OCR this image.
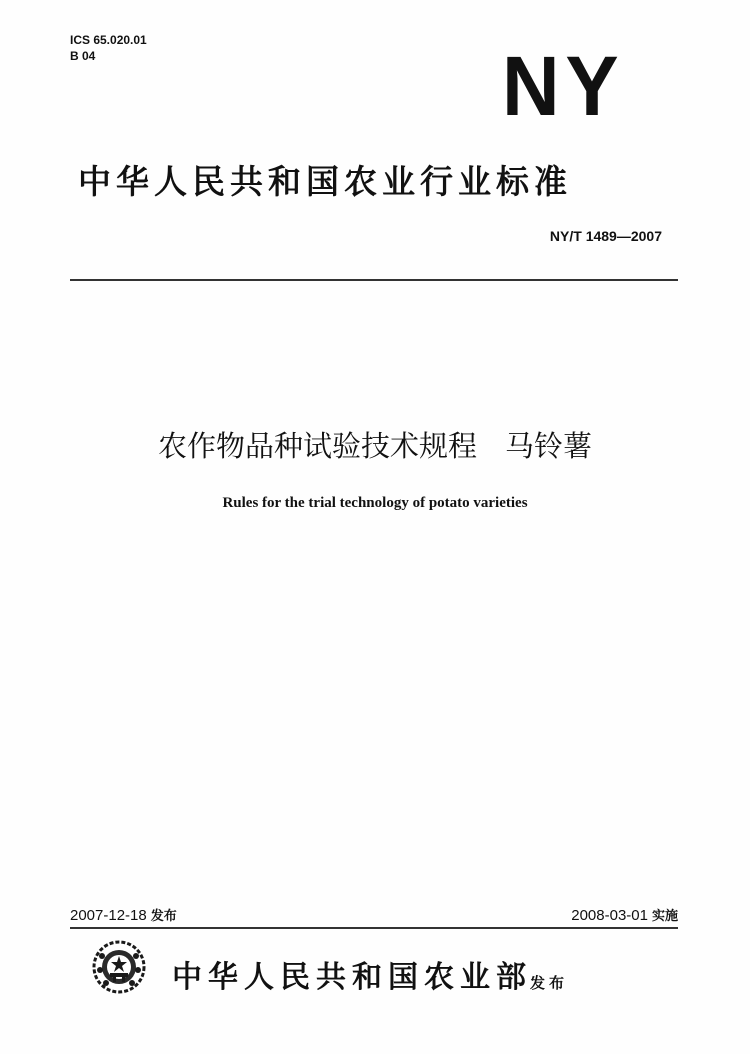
ICS 65.020.01
B 04	NY
中华人民共和国农业行业标准
NY/T 1489—2007
农作物品种试验技术规程 马铃薯
Rules for the trial technology of potato varieties
2007-12-18 发布	2008-03-01 实施
中华人民共和国农业部
发布
